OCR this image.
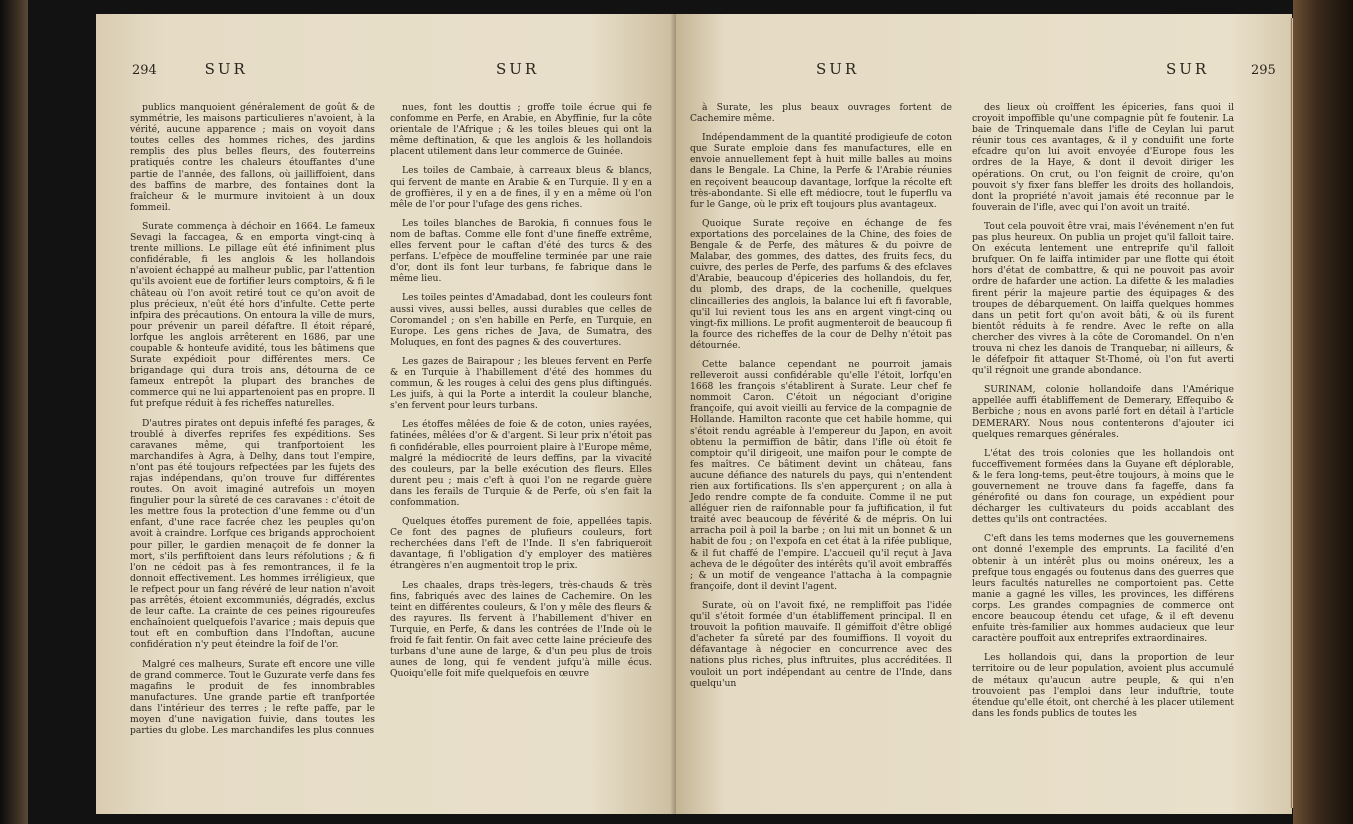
294	SUR	SUR

publics manquoient généralement de goût & de symmétrie, les maisons particulieres n'avoient, à la vérité, aucune apparence ; mais on voyoit dans toutes celles des hommes riches, des jardins remplis des plus belles fleurs, des fouterreins pratiqués contre les chaleurs étouffantes d'une partie de l'année, des fallons, où jailliffoient, dans des baffins de marbre, des fontaines dont la fraîcheur & le murmure invitoient à un doux fommeil.

Surate commença à déchoir en 1664. Le fameux Sevagi la faccagea, & en emporta vingt-cinq à trente millions. Le pillage eût été infiniment plus confidérable, fi les anglois & les hollandois n'avoient échappé au malheur public, par l'attention qu'ils avoient eue de fortifier leurs comptoirs, & fi le château où l'on avoit retiré tout ce qu'on avoit de plus précieux, n'eût été hors d'infulte. Cette perte infpira des précautions. On entoura la ville de murs, pour prévenir un pareil défaftre. Il étoit réparé, lorfque les anglois arrêterent en 1686, par une coupable & honteufe avidité, tous les bâtimens que Surate expédioit pour différentes mers. Ce brigandage qui dura trois ans, détourna de ce fameux entrepôt la plupart des branches de commerce qui ne lui appartenoient pas en propre. Il fut prefque réduit à fes richeffes naturelles.

D'autres pirates ont depuis infefté fes parages, & troublé à diverfes reprifes fes expéditions. Ses caravanes même, qui tranfportoient les marchandifes à Agra, à Delhy, dans tout l'empire, n'ont pas été toujours refpectées par les fujets des rajas indépendans, qu'on trouve fur différentes routes. On avoit imaginé autrefois un moyen fingulier pour la sûreté de ces caravanes : c'étoit de les mettre fous la protection d'une femme ou d'un enfant, d'une race facrée chez les peuples qu'on avoit à craindre. Lorfque ces brigands approchoient pour piller, le gardien menaçoit de fe donner la mort, s'ils perfiftoient dans leurs réfolutions ; & fi l'on ne cédoit pas à fes remontrances, il fe la donnoit effectivement. Les hommes irréligieux, que le refpect pour un fang révéré de leur nation n'avoit pas arrêtés, étoient excommuniés, dégradés, exclus de leur cafte. La crainte de ces peines rigoureufes enchaînoient quelquefois l'avarice ; mais depuis que tout eft en combuftion dans l'Indoftan, aucune confidération n'y peut éteindre la foif de l'or.

Malgré ces malheurs, Surate eft encore une ville de grand commerce. Tout le Guzurate verfe dans fes magafins le produit de fes innombrables manufactures. Une grande partie eft tranfportée dans l'intérieur des terres ; le refte paffe, par le moyen d'une navigation fuivie, dans toutes les parties du globe. Les marchandifes les plus connues

nues, font les douttis ; groffe toile écrue qui fe confomme en Perfe, en Arabie, en Abyffinie, fur la côte orientale de l'Afrique ; & les toiles bleues qui ont la même deftination, & que les anglois & les hollandois placent utilement dans leur commerce de Guinée.

Les toiles de Cambaie, à carreaux bleus & blancs, qui fervent de mante en Arabie & en Turquie. Il y en a de groffières, il y en a de fines, il y en a même où l'on mêle de l'or pour l'ufage des gens riches.

Les toiles blanches de Barokia, fi connues fous le nom de baftas. Comme elle font d'une fineffe extrême, elles fervent pour le caftan d'été des turcs & des perfans. L'efpèce de mouffeline terminée par une raie d'or, dont ils font leur turbans, fe fabrique dans le même lieu.

Les toiles peintes d'Amadabad, dont les couleurs font aussi vives, aussi belles, aussi durables que celles de Coromandel ; on s'en habille en Perfe, en Turquie, en Europe. Les gens riches de Java, de Sumatra, des Moluques, en font des pagnes & des couvertures.

Les gazes de Bairapour ; les bleues fervent en Perfe & en Turquie à l'habillement d'été des hommes du commun, & les rouges à celui des gens plus diftingués. Les juifs, à qui la Porte a interdit la couleur blanche, s'en fervent pour leurs turbans.

Les étoffes mêlées de foie & de coton, unies rayées, fatinées, mêlées d'or & d'argent. Si leur prix n'étoit pas fi confidérable, elles pourroient plaire à l'Europe même, malgré la médiocrité de leurs deffins, par la vivacité des couleurs, par la belle exécution des fleurs. Elles durent peu ; mais c'eft à quoi l'on ne regarde guère dans les ferails de Turquie & de Perfe, où s'en fait la confommation.

Quelques étoffes purement de foie, appellées tapis. Ce font des pagnes de plufieurs couleurs, fort recherchées dans l'eft de l'Inde. Il s'en fabriqueroit davantage, fi l'obligation d'y employer des matières étrangères n'en augmentoit trop le prix.

Les chaales, draps très-legers, très-chauds & très fins, fabriqués avec des laines de Cachemire. On les teint en différentes couleurs, & l'on y mêle des fleurs & des rayures. Ils fervent à l'habillement d'hiver en Turquie, en Perfe, & dans les contrées de l'Inde où le froid fe fait fentir. On fait avec cette laine précieufe des turbans d'une aune de large, & d'un peu plus de trois aunes de long, qui fe vendent jufqu'à mille écus. Quoiqu'elle foit mife quelquefois en œuvre

SUR	SUR	295

à Surate, les plus beaux ouvrages fortent de Cachemire même.

Indépendamment de la quantité prodigieufe de coton que Surate emploie dans fes manufactures, elle en envoie annuellement fept à huit mille balles au moins dans le Bengale. La Chine, la Perfe & l'Arabie réunies en reçoivent beaucoup davantage, lorfque la récolte eft très-abondante. Si elle eft médiocre, tout le fuperflu va fur le Gange, où le prix eft toujours plus avantageux.

Quoique Surate reçoive en échange de fes exportations des porcelaines de la Chine, des foies de Bengale & de Perfe, des mâtures & du poivre de Malabar, des gommes, des dattes, des fruits fecs, du cuivre, des perles de Perfe, des parfums & des efclaves d'Arabie, beaucoup d'épiceries des hollandois, du fer, du plomb, des draps, de la cochenille, quelques clincailleries des anglois, la balance lui eft fi favorable, qu'il lui revient tous les ans en argent vingt-cinq ou vingt-fix millions. Le profit augmenteroit de beaucoup fi la fource des richeffes de la cour de Delhy n'étoit pas détournée.

Cette balance cependant ne pourroit jamais relleveroit aussi confidérable qu'elle l'étoit, lorfqu'en 1668 les françois s'établirent à Surate. Leur chef fe nommoit Caron. C'étoit un négociant d'origine françoife, qui avoit vieilli au fervice de la compagnie de Hollande. Hamilton raconte que cet habile homme, qui s'étoit rendu agréable à l'empereur du Japon, en avoit obtenu la permiffion de bâtir, dans l'ifle où étoit fe comptoir qu'il dirigeoit, une maifon pour le compte de fes maîtres. Ce bâtiment devint un château, fans aucune défiance des naturels du pays, qui n'entendent rien aux fortifications. Ils s'en apperçurent ; on alla à Jedo rendre compte de fa conduite. Comme il ne put alléguer rien de raifonnable pour fa juftification, il fut traité avec beaucoup de févérité & de mépris. On lui arracha poil à poil la barbe ; on lui mit un bonnet & un habit de fou ; on l'expofa en cet état à la rifée publique, & il fut chaffé de l'empire. L'accueil qu'il reçut à Java acheva de le dégoûter des intérêts qu'il avoit embraffés ; & un motif de vengeance l'attacha à la compagnie françoife, dont il devint l'agent.

Surate, où on l'avoit fixé, ne rempliffoit pas l'idée qu'il s'étoit formée d'un établiffement principal. Il en trouvoit la pofition mauvaife. Il gémiffoit d'être obligé d'acheter fa sûreté par des foumiffions. Il voyoit du défavantage à négocier en concurrence avec des nations plus riches, plus inftruites, plus accréditées. Il vouloit un port indépendant au centre de l'Inde, dans quelqu'un

des lieux où croîffent les épiceries, fans quoi il croyoit impoffible qu'une compagnie pût fe foutenir. La baie de Trinquemale dans l'ifle de Ceylan lui parut réunir tous ces avantages, & il y conduifit une forte efcadre qu'on lui avoit envoyée d'Europe fous les ordres de la Haye, & dont il devoit diriger les opérations. On crut, ou l'on feignit de croire, qu'on pouvoit s'y fixer fans bleffer les droits des hollandois, dont la propriété n'avoit jamais été reconnue par le fouverain de l'ifle, avec qui l'on avoit un traité.

Tout cela pouvoit être vrai, mais l'événement n'en fut pas plus heureux. On publia un projet qu'il falloit taire. On exécuta lentement une entreprife qu'il falloit brufquer. On fe laiffa intimider par une flotte qui étoit hors d'état de combattre, & qui ne pouvoit pas avoir ordre de hafarder une action. La difette & les maladies firent périr la majeure partie des équipages & des troupes de débarquement. On laiffa quelques hommes dans un petit fort qu'on avoit bâti, & où ils furent bientôt réduits à fe rendre. Avec le refte on alla chercher des vivres à la côte de Coromandel. On n'en trouva ni chez les danois de Tranquebar, ni ailleurs, & le défefpoir fit attaquer St-Thomé, où l'on fut averti qu'il régnoit une grande abondance.

SURINAM, colonie hollandoife dans l'Amérique appellée auffi établiffement de Demerary, Effequibo & Berbiche ; nous en avons parlé fort en détail à l'article DEMERARY. Nous nous contenterons d'ajouter ici quelques remarques générales.

L'état des trois colonies que les hollandois ont fucceffivement formées dans la Guyane eft déplorable, & le fera long-tems, peut-être toujours, à moins que le gouvernement ne trouve dans fa fageffe, dans fa générofité ou dans fon courage, un expédient pour décharger les cultivateurs du poids accablant des dettes qu'ils ont contractées.

C'eft dans les tems modernes que les gouvernemens ont donné l'exemple des emprunts. La facilité d'en obtenir à un intérêt plus ou moins onéreux, les a prefque tous engagés ou foutenus dans des guerres que leurs facultés naturelles ne comportoient pas. Cette manie a gagné les villes, les provinces, les différens corps. Les grandes compagnies de commerce ont encore beaucoup étendu cet ufage, & il eft devenu enfuite très-familier aux hommes audacieux que leur caractère pouffoit aux entreprifes extraordinaires.

Les hollandois qui, dans la proportion de leur territoire ou de leur population, avoient plus accumulé de métaux qu'aucun autre peuple, & qui n'en trouvoient pas l'emploi dans leur induftrie, toute étendue qu'elle étoit, ont cherché à les placer utilement dans les fonds publics de toutes les
